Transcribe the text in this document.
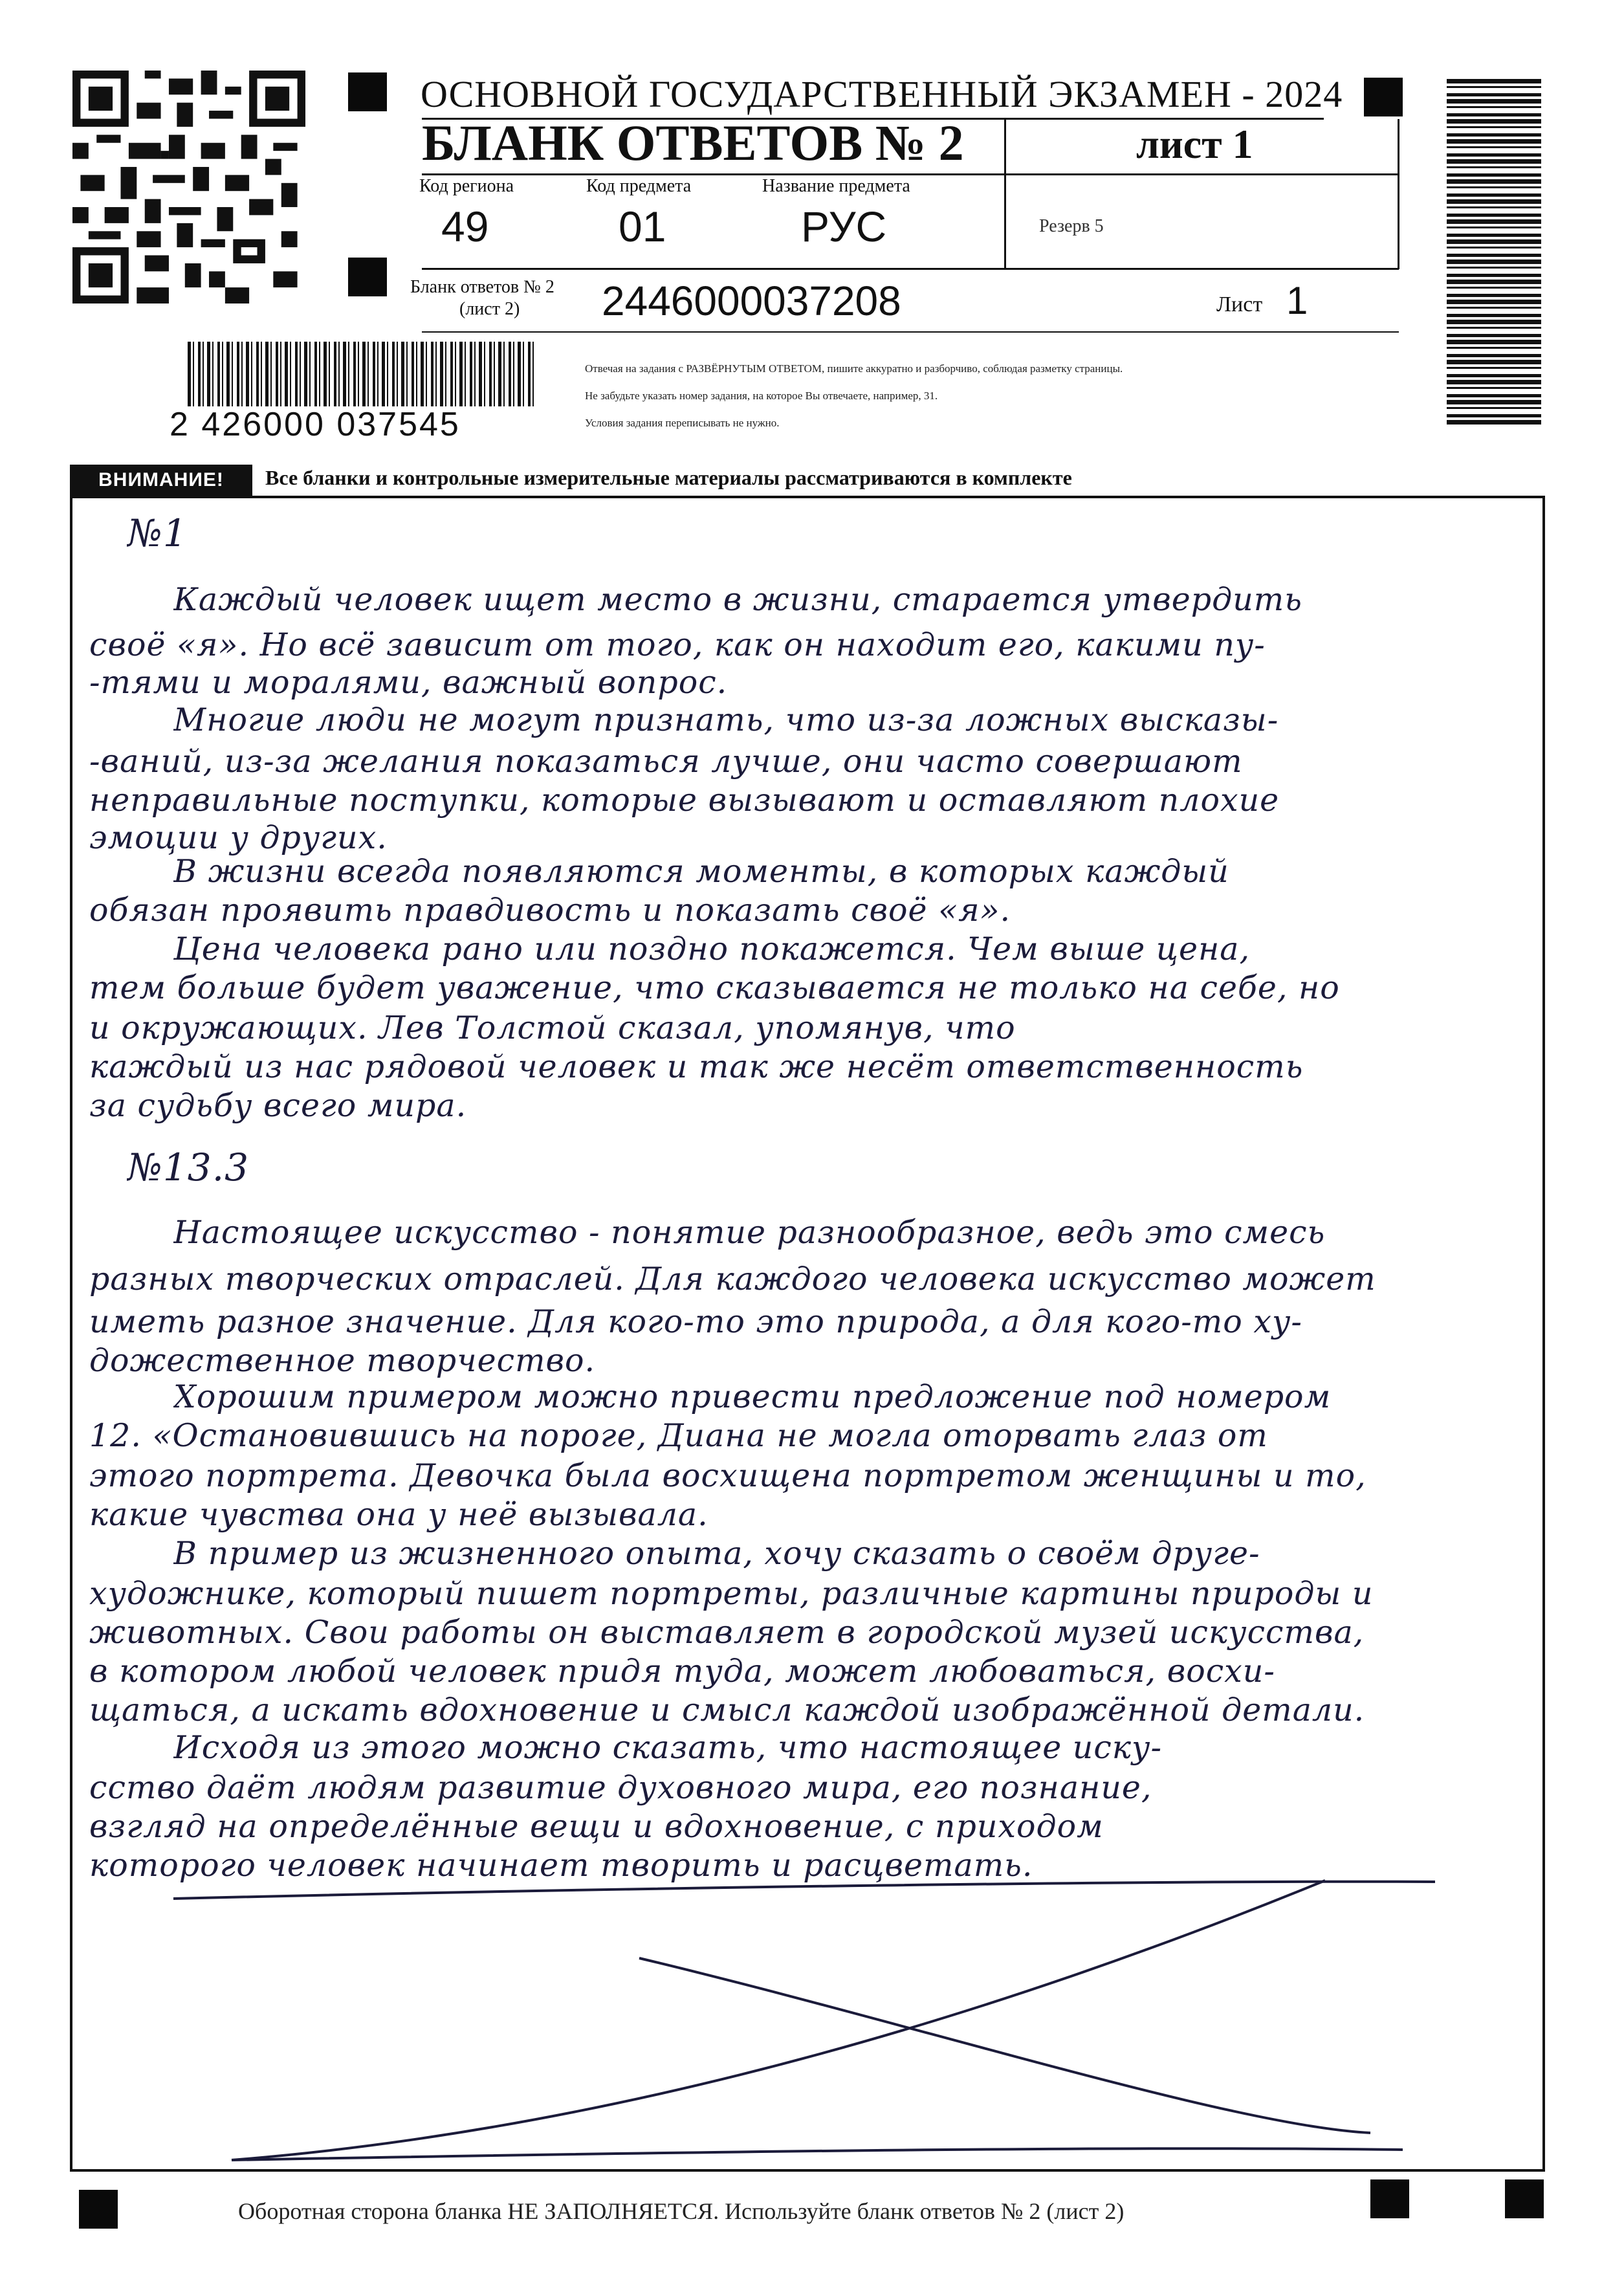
ОСНОВНОЙ ГОСУДАРСТВЕННЫЙ ЭКЗАМЕН - 2024
БЛАНК ОТВЕТОВ № 2	лист 1
Код региона
49
Код предмета
01
Название предмета
РУС	Резерв 5
Бланк ответов № 2
(лист 2) 2446000037208	Лист 1
2 426000 037545
Отвечая на задания с РАЗВЁРНУТЫМ ОТВЕТОМ, пишите аккуратно и разборчиво, соблюдая разметку страницы.
Не забудьте указать номер задания, на которое Вы отвечаете, например, 31.
Условия задания переписывать не нужно.
ВНИМАНИЕ!	Все бланки и контрольные измерительные материалы рассматриваются в комплекте
№1
Каждый человек ищет место в жизни, старается утвердить
своё «я». Но всё зависит от того, как он находит его, какими пу-
-тями и моралями, важный вопрос.
Многие люди не могут признать, что из-за ложных высказы-
-ваний, из-за желания показаться лучше, они часто совершают
неправильные поступки, которые вызывают и оставляют плохие
эмоции у других.
В жизни всегда появляются моменты, в которых каждый
обязан проявить правдивость и показать своё «я».
Цена человека рано или поздно покажется. Чем выше цена,
тем больше будет уважение, что сказывается не только на себе, но
и окружающих. Лев Толстой сказал, упомянув, что
каждый из нас рядовой человек и так же несёт ответственность
за судьбу всего мира.
№13.3
Настоящее искусство - понятие разнообразное, ведь это смесь
разных творческих отраслей. Для каждого человека искусство может
иметь разное значение. Для кого-то это природа, а для кого-то ху-
дожественное творчество.
Хорошим примером можно привести предложение под номером
12. «Остановившись на пороге, Диана не могла оторвать глаз от
этого портрета. Девочка была восхищена портретом женщины и то,
какие чувства она у неё вызывала.
В пример из жизненного опыта, хочу сказать о своём друге-
художнике, который пишет портреты, различные картины природы и
животных. Свои работы он выставляет в городской музей искусства,
в котором любой человек придя туда, может любоваться, восхи-
щаться, а искать вдохновение и смысл каждой изображённой детали.
Исходя из этого можно сказать, что настоящее иску-
сство даёт людям развитие духовного мира, его познание,
взгляд на определённые вещи и вдохновение, с приходом
которого человек начинает творить и расцветать.
Оборотная сторона бланка НЕ ЗАПОЛНЯЕТСЯ. Используйте бланк ответов № 2 (лист 2)
